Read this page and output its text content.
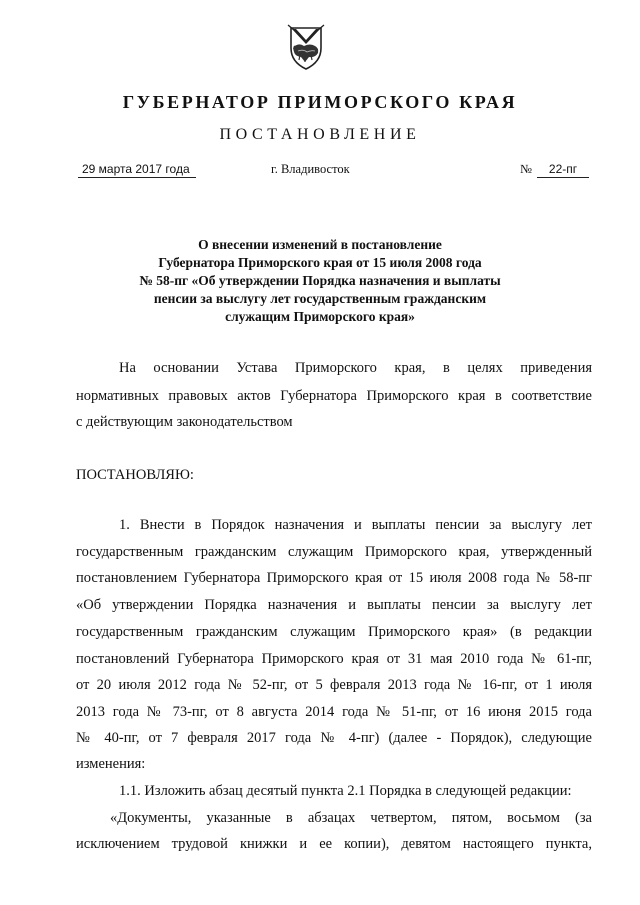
ГУБЕРНАТОР ПРИМОРСКОГО КРАЯ
ПОСТАНОВЛЕНИЕ
29 марта 2017 года	г. Владивосток	№	22-пг
О внесении изменений в постановление
Губернатора Приморского края от 15 июля 2008 года
№ 58-пг «Об утверждении Порядка назначения и выплаты
пенсии за выслугу лет государственным гражданским
служащим Приморского края»
На основании Устава Приморского края, в целях приведения
нормативных правовых актов Губернатора Приморского края в соответствие
с действующим законодательством
ПОСТАНОВЛЯЮ:
1. Внести в Порядок назначения и выплаты пенсии за выслугу лет
государственным гражданским служащим Приморского края, утвержденный
постановлением Губернатора Приморского края от 15 июля 2008 года № 58-пг
«Об утверждении Порядка назначения и выплаты пенсии за выслугу лет
государственным гражданским служащим Приморского края» (в редакции
постановлений Губернатора Приморского края от 31 мая 2010 года № 61-пг,
от 20 июля 2012 года № 52-пг, от 5 февраля 2013 года № 16-пг, от 1 июля
2013 года № 73-пг, от 8 августа 2014 года № 51-пг, от 16 июня 2015 года
№ 40-пг, от 7 февраля 2017 года № 4-пг) (далее - Порядок), следующие
изменения:
1.1. Изложить абзац десятый пункта 2.1 Порядка в следующей редакции:
«Документы, указанные в абзацах четвертом, пятом, восьмом (за
исключением трудовой книжки и ее копии), девятом настоящего пункта,
